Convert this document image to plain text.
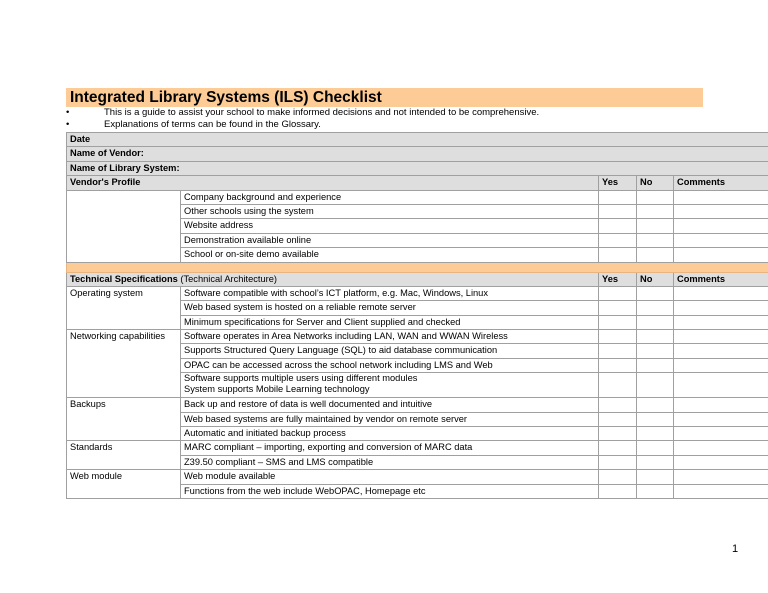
Integrated Library Systems (ILS) Checklist
• This is a guide to assist your school to make informed decisions and not intended to be comprehensive.
• Explanations of terms can be found in the Glossary.
Date				
Name of Vendor:				
Name of Library System:				
Vendor's Profile		Yes	No	Comments
	Company background and experience			
	Other schools using the system			
	Website address			
	Demonstration available online			
	School or on-site demo available			

Technical Specifications (Technical Architecture)		Yes	No	Comments
Operating system	Software compatible with school’s ICT platform, e.g. Mac, Windows, Linux			
	Web based system is hosted on a reliable remote server			
	Minimum specifications for Server and Client supplied and checked			
Networking capabilities	Software operates in Area Networks including LAN, WAN and WWAN Wireless			
	Supports Structured Query Language (SQL) to aid database communication			
	OPAC can be accessed across the school network including LMS and Web			

	Software supports multiple users using different modules
System supports Mobile Learning technology			

Backups	Back up and restore of data is well documented and intuitive			
	Web based systems are fully maintained by vendor on remote server			
	Automatic and initiated backup process			
Standards	MARC compliant – importing, exporting and conversion of MARC data			
	Z39.50 compliant – SMS and LMS compatible			
Web module	Web module available			
	Functions from the web include WebOPAC, Homepage etc			
1
